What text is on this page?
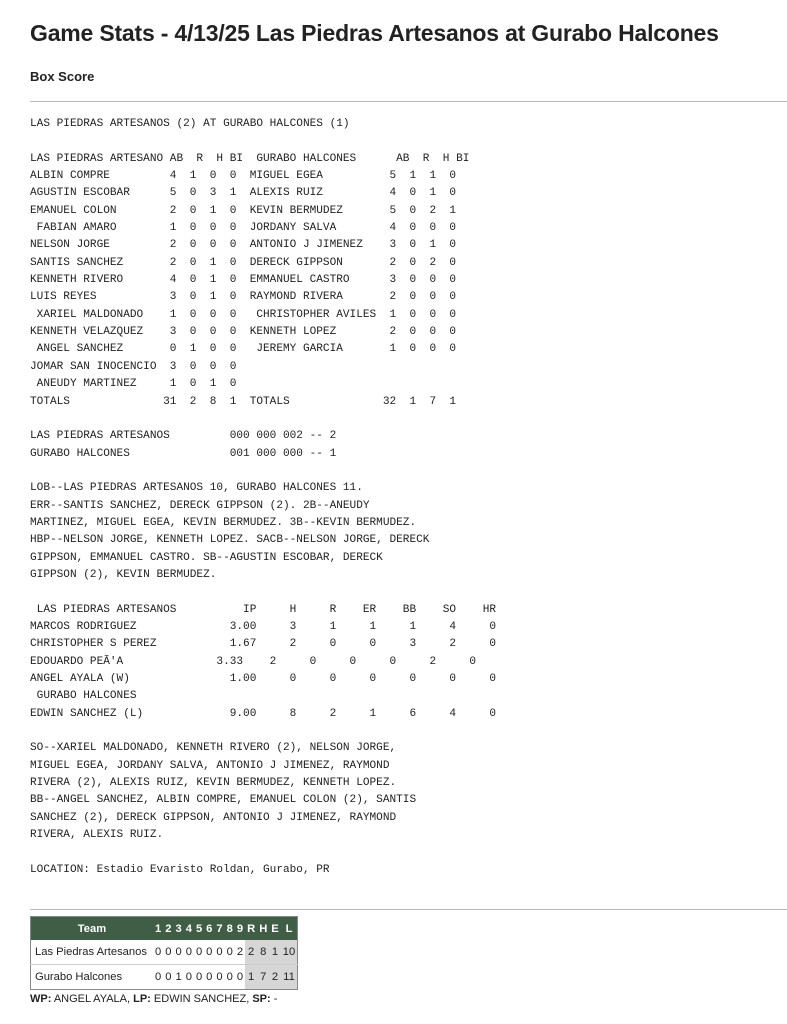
Game Stats - 4/13/25 Las Piedras Artesanos at Gurabo Halcones
Box Score
LAS PIEDRAS ARTESANOS (2) AT GURABO HALCONES (1)
LAS PIEDRAS ARTESANO AB  R  H BI  GURABO HALCONES      AB  R  H BI
ALBIN COMPRE         4  1  0  0  MIGUEL EGEA          5  1  1  0
AGUSTIN ESCOBAR      5  0  3  1  ALEXIS RUIZ          4  0  1  0
EMANUEL COLON        2  0  1  0  KEVIN BERMUDEZ       5  0  2  1
FABIAN AMARO        1  0  0  0  JORDANY SALVA        4  0  0  0
NELSON JORGE         2  0  0  0  ANTONIO J JIMENEZ    3  0  1  0
SANTIS SANCHEZ       2  0  1  0  DERECK GIPPSON       2  0  2  0
KENNETH RIVERO       4  0  1  0  EMMANUEL CASTRO      3  0  0  0
LUIS REYES           3  0  1  0  RAYMOND RIVERA       2  0  0  0
XARIEL MALDONADO    1  0  0  0   CHRISTOPHER AVILES  1  0  0  0
KENNETH VELAZQUEZ    3  0  0  0  KENNETH LOPEZ        2  0  0  0
ANGEL SANCHEZ       0  1  0  0   JEREMY GARCIA       1  0  0  0
JOMAR SAN INOCENCIO  3  0  0  0
ANEUDY MARTINEZ     1  0  1  0
TOTALS              31  2  8  1  TOTALS              32  1  7  1
LAS PIEDRAS ARTESANOS         000 000 002 -- 2
GURABO HALCONES               001 000 000 -- 1
LOB--LAS PIEDRAS ARTESANOS 10, GURABO HALCONES 11.
ERR--SANTIS SANCHEZ, DERECK GIPPSON (2). 2B--ANEUDY
MARTINEZ, MIGUEL EGEA, KEVIN BERMUDEZ. 3B--KEVIN BERMUDEZ.
HBP--NELSON JORGE, KENNETH LOPEZ. SACB--NELSON JORGE, DERECK
GIPPSON, EMMANUEL CASTRO. SB--AGUSTIN ESCOBAR, DERECK
GIPPSON (2), KEVIN BERMUDEZ.
LAS PIEDRAS ARTESANOS          IP     H     R    ER    BB    SO    HR
MARCOS RODRIGUEZ              3.00     3     1     1     1     4     0
CHRISTOPHER S PEREZ           1.67     2     0     0     3     2     0
EDOUARDO PEÃ'A              3.33    2     0     0     0     2     0
ANGEL AYALA (W)               1.00     0     0     0     0     0     0
GURABO HALCONES
EDWIN SANCHEZ (L)             9.00     8     2     1     6     4     0
SO--XARIEL MALDONADO, KENNETH RIVERO (2), NELSON JORGE,
MIGUEL EGEA, JORDANY SALVA, ANTONIO J JIMENEZ, RAYMOND
RIVERA (2), ALEXIS RUIZ, KEVIN BERMUDEZ, KENNETH LOPEZ.
BB--ANGEL SANCHEZ, ALBIN COMPRE, EMANUEL COLON (2), SANTIS
SANCHEZ (2), DERECK GIPPSON, ANTONIO J JIMENEZ, RAYMOND
RIVERA, ALEXIS RUIZ.
LOCATION: Estadio Evaristo Roldan, Gurabo, PR
Team	1	2	3	4	5	6	7	8	9	R	H	E	L
Las Piedras Artesanos	0	0	0	0	0	0	0	0	2	2	8	1	10
Gurabo Halcones	0	0	1	0	0	0	0	0	0	1	7	2	11
WP: ANGEL AYALA, LP: EDWIN SANCHEZ, SP: -
